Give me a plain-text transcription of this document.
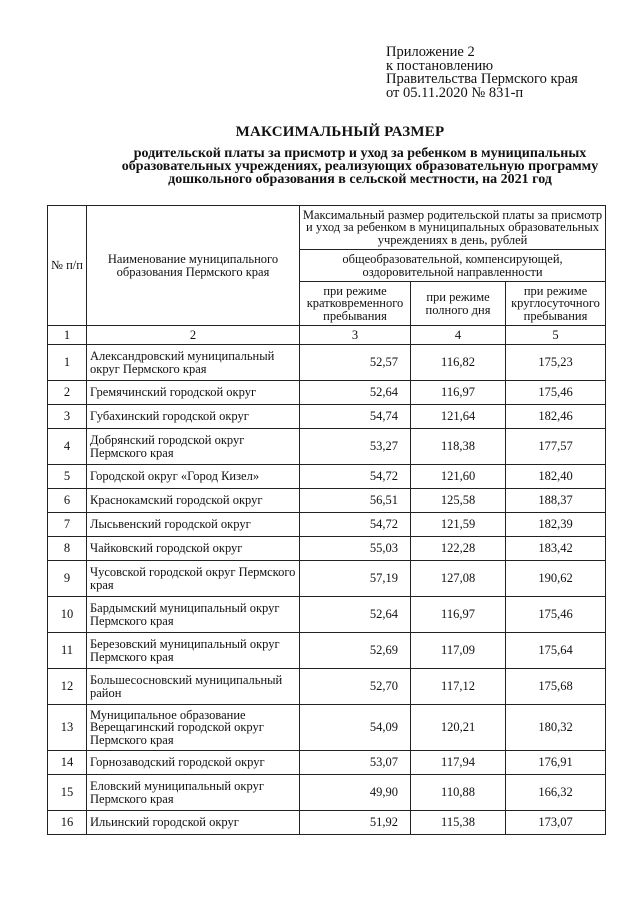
Приложение 2
к постановлению
Правительства Пермского края
от 05.11.2020 № 831-п
МАКСИМАЛЬНЫЙ РАЗМЕР
родительской платы за присмотр и уход за ребенком в муниципальных
образовательных учреждениях, реализующих образовательную программу
дошкольного образования в сельской местности, на 2021 год
№ п/п	Наименование муниципального образования Пермского края	Максимальный размер родительской платы за присмотр и уход за ребенком в муниципальных образовательных учреждениях в день, рублей		
		общеобразовательной, компенсирующей, оздоровительной направленности		
		при режиме кратковременного пребывания	при режиме полного дня	при режиме круглосуточного пребывания
1	2	3	4	5
1	Александровский муниципальный округ Пермского края	52,57	116,82	175,23
2	Гремячинский городской округ	52,64	116,97	175,46
3	Губахинский городской округ	54,74	121,64	182,46
4	Добрянский городской округ Пермского края	53,27	118,38	177,57
5	Городской округ «Город Кизел»	54,72	121,60	182,40
6	Краснокамский городской округ	56,51	125,58	188,37
7	Лысьвенский городской округ	54,72	121,59	182,39
8	Чайковский городской округ	55,03	122,28	183,42
9	Чусовской городской округ Пермского края	57,19	127,08	190,62
10	Бардымский муниципальный округ Пермского края	52,64	116,97	175,46
11	Березовский муниципальный округ Пермского края	52,69	117,09	175,64
12	Большесосновский муниципальный район	52,70	117,12	175,68
13	Муниципальное образование Верещагинский городской округ Пермского края	54,09	120,21	180,32
14	Горнозаводский городской округ	53,07	117,94	176,91
15	Еловский муниципальный округ Пермского края	49,90	110,88	166,32
16	Ильинский городской округ	51,92	115,38	173,07
